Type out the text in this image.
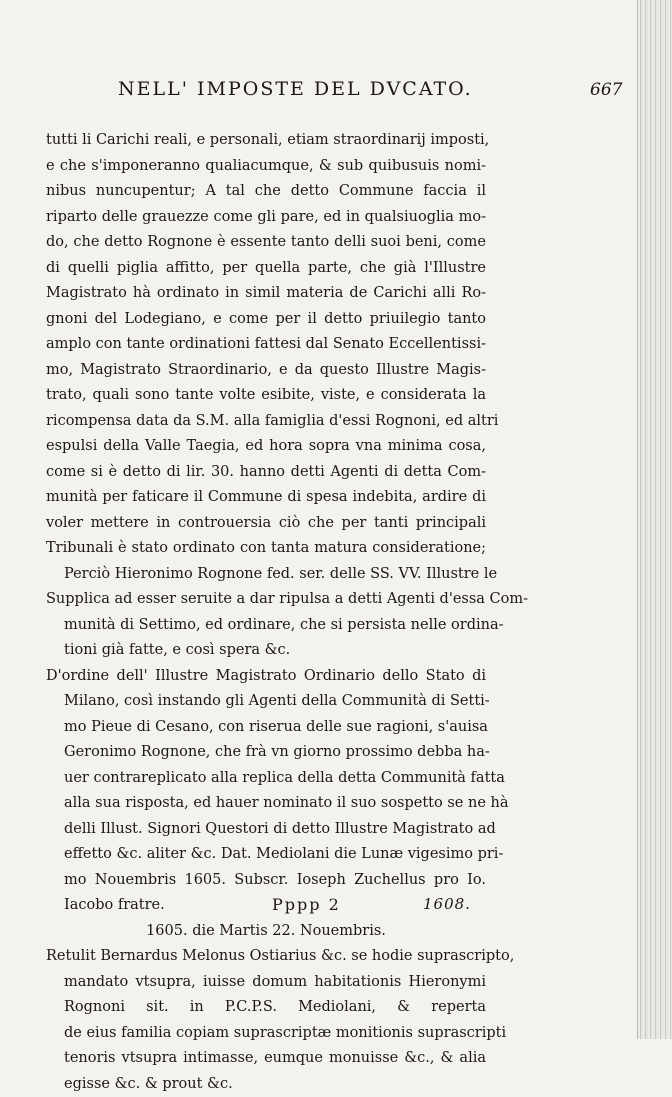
NELL' IMPOSTE DEL DVCATO.	667
tutti li Carichi reali, e personali, etiam straordinarij imposti,
e che s'imponeranno qualiacumque, & sub quibusuis nomi-
nibus nuncupentur; A tal che detto Commune faccia il
riparto delle grauezze come gli pare, ed in qualsiuoglia mo-
do, che detto Rognone è essente tanto delli suoi beni, come
di quelli piglia affitto, per quella parte, che già l'Illustre
Magistrato hà ordinato in simil materia de Carichi alli Ro-
gnoni del Lodegiano, e come per il detto priuilegio tanto
amplo con tante ordinationi fattesi dal Senato Eccellentissi-
mo, Magistrato Straordinario, e da questo Illustre Magis-
trato, quali sono tante volte esibite, viste, e considerata la
ricompensa data da S.M. alla famiglia d'essi Rognoni, ed altri
espulsi della Valle Taegia, ed hora sopra vna minima cosa,
come si è detto di lir. 30. hanno detti Agenti di detta Com-
munità per faticare il Commune di spesa indebita, ardire di
voler mettere in controuersia ciò che per tanti principali
Tribunali è stato ordinato con tanta matura consideratione;
Perciò Hieronimo Rognone fed. ser. delle SS. VV. Illustre le
Supplica ad esser seruite a dar ripulsa a detti Agenti d'essa Com-
munità di Settimo, ed ordinare, che si persista nelle ordina-
tioni già fatte, e così spera &c.
D'ordine dell' Illustre Magistrato Ordinario dello Stato di
Milano, così instando gli Agenti della Communità di Setti-
mo Pieue di Cesano, con riserua delle sue ragioni, s'auisa
Geronimo Rognone, che frà vn giorno prossimo debba ha-
uer contrareplicato alla replica della detta Communità fatta
alla sua risposta, ed hauer nominato il suo sospetto se ne hà
delli Illust. Signori Questori di detto Illustre Magistrato ad
effetto &c. aliter &c. Dat. Mediolani die Lunæ vigesimo pri-
mo Nouembris 1605. Subscr. Ioseph Zuchellus pro Io.
Iacobo fratre.
1605. die Martis 22. Nouembris.
Retulit Bernardus Melonus Ostiarius &c. se hodie suprascripto,
mandato vtsupra, iuisse domum habitationis Hieronymi
Rognoni sit. in P.C.P.S. Mediolani, & reperta
de eius familia copiam suprascriptæ monitionis suprascripti
tenoris vtsupra intimasse, eumque monuisse &c., & alia
egisse &c. & prout &c.
Pppp 2	1608.
